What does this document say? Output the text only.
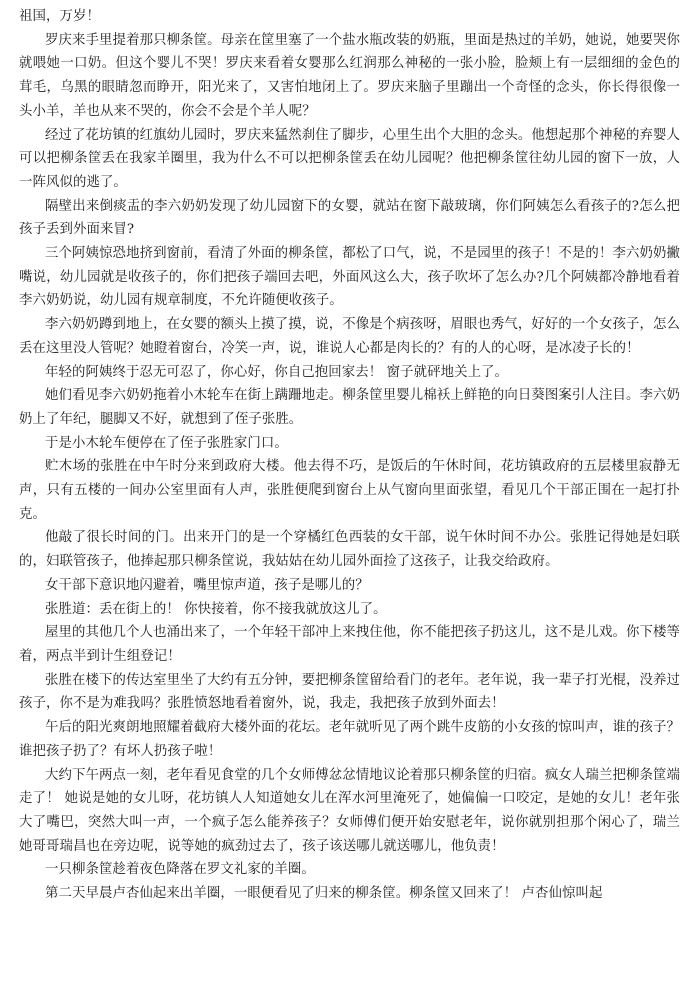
祖国，万岁！

罗庆来手里提着那只柳条筐。母亲在筐里塞了一个盐水瓶改装的奶瓶，里面是热过的羊奶，她说，她要哭你就喂她一口奶。但这个婴儿不哭！罗庆来看着女婴那么红润那么神秘的一张小脸，脸颊上有一层细细的金色的茸毛，乌黑的眼睛忽而睁开，阳光来了，又害怕地闭上了。罗庆来脑子里蹦出一个奇怪的念头，你长得很像一头小羊，羊也从来不哭的，你会不会是个羊人呢？

经过了花坊镇的红旗幼儿园时，罗庆来猛然刹住了脚步，心里生出个大胆的念头。他想起那个神秘的弃婴人可以把柳条筐丢在我家羊圈里，我为什么不可以把柳条筐丢在幼儿园呢？他把柳条筐往幼儿园的窗下一放，人一阵风似的逃了。

隔壁出来倒痰盂的李六奶奶发现了幼儿园窗下的女婴，就站在窗下敲玻璃，你们阿姨怎么看孩子的?怎么把孩子丢到外面来冒?

三个阿姨惊恐地挤到窗前，看清了外面的柳条筐，都松了口气，说，不是园里的孩子！不是的！李六奶奶撇嘴说，幼儿园就是收孩子的，你们把孩子端回去吧，外面风这么大，孩子吹坏了怎么办?几个阿姨都冷静地看着李六奶奶说，幼儿园有规章制度，不允许随便收孩子。

李六奶奶蹲到地上，在女婴的额头上摸了摸，说，不像是个病孩呀，眉眼也秀气，好好的一个女孩子，怎么丢在这里没人管呢？她瞪着窗台，冷笑一声，说，谁说人心都是肉长的？有的人的心呀，是冰凌子长的！

年轻的阿姨终于忍无可忍了，你心好，你自己抱回家去！ 窗子就砰地关上了。

她们看见李六奶奶拖着小木轮车在街上蹒跚地走。柳条筐里婴儿棉袄上鲜艳的向日葵图案引人注目。李六奶奶上了年纪，腿脚又不好，就想到了侄子张胜。

于是小木轮车便停在了侄子张胜家门口。

贮木场的张胜在中午时分来到政府大楼。他去得不巧，是饭后的午休时间，花坊镇政府的五层楼里寂静无声，只有五楼的一间办公室里面有人声，张胜便爬到窗台上从气窗向里面张望，看见几个干部正围在一起打扑克。

他敲了很长时间的门。出来开门的是一个穿橘红色西装的女干部，说午休时间不办公。张胜记得她是妇联的，妇联管孩子，他捧起那只柳条筐说，我姑姑在幼儿园外面捡了这孩子，让我交给政府。

女干部下意识地闪避着，嘴里惊声道，孩子是哪儿的？

张胜道：丢在街上的！ 你快接着，你不接我就放这儿了。

屋里的其他几个人也涌出来了，一个年轻干部冲上来拽住他，你不能把孩子扔这儿，这不是儿戏。你下楼等着，两点半到计生组登记！

张胜在楼下的传达室里坐了大约有五分钟，要把柳条筐留给看门的老年。老年说，我一辈子打光棍，没养过孩子，你不是为难我吗？张胜愤怒地看着窗外，说，我走，我把孩子放到外面去！

午后的阳光爽朗地照耀着截府大楼外面的花坛。老年就听见了两个跳牛皮筋的小女孩的惊叫声，谁的孩子？谁把孩子扔了？有坏人扔孩子啦！

大约下午两点一刻，老年看见食堂的几个女师傅忿忿情地议论着那只柳条筐的归宿。疯女人瑞兰把柳条筐端走了！ 她说是她的女儿呀，花坊镇人人知道她女儿在浑水河里淹死了，她偏偏一口咬定，是她的女儿！老年张大了嘴巴，突然大叫一声，一个疯子怎么能养孩子？女师傅们便开始安慰老年，说你就别担那个闲心了，瑞兰她哥哥瑞昌也在旁边呢，说等她的疯劲过去了，孩子该送哪儿就送哪儿，他负责！

一只柳条筐趁着夜色降落在罗文礼家的羊圈。

第二天早晨卢杏仙起来出羊圈，一眼便看见了归来的柳条筐。柳条筐又回来了！ 卢杏仙惊叫起
